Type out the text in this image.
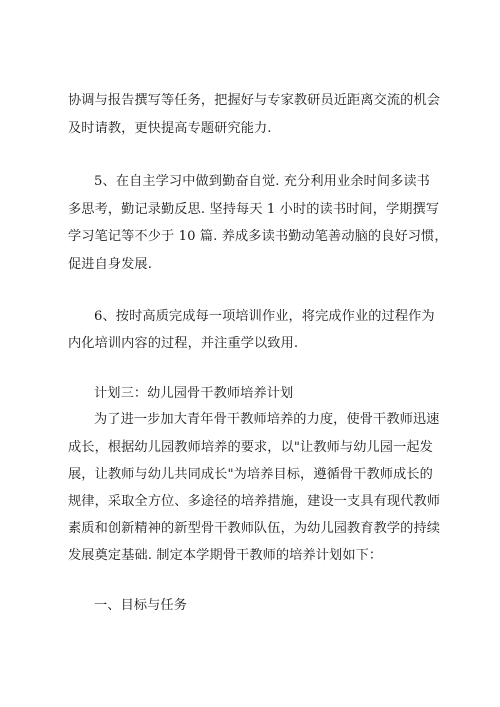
协调与报告撰写等任务，把握好与专家教研员近距离交流的机会
及时请教，更快提高专题研究能力.
5、在自主学习中做到勤奋自觉. 充分利用业余时间多读书
多思考，勤记录勤反思. 坚持每天 1 小时的读书时间，学期撰写
学习笔记等不少于 10 篇. 养成多读书勤动笔善动脑的良好习惯，
促进自身发展.
6、按时高质完成每一项培训作业，将完成作业的过程作为
内化培训内容的过程，并注重学以致用.
计划三：幼儿园骨干教师培养计划
为了进一步加大青年骨干教师培养的力度，使骨干教师迅速
成长，根据幼儿园教师培养的要求，以"让教师与幼儿园一起发
展，让教师与幼儿共同成长"为培养目标，遵循骨干教师成长的
规律，采取全方位、多途径的培养措施，建设一支具有现代教师
素质和创新精神的新型骨干教师队伍，为幼儿园教育教学的持续
发展奠定基础. 制定本学期骨干教师的培养计划如下：
一、目标与任务
